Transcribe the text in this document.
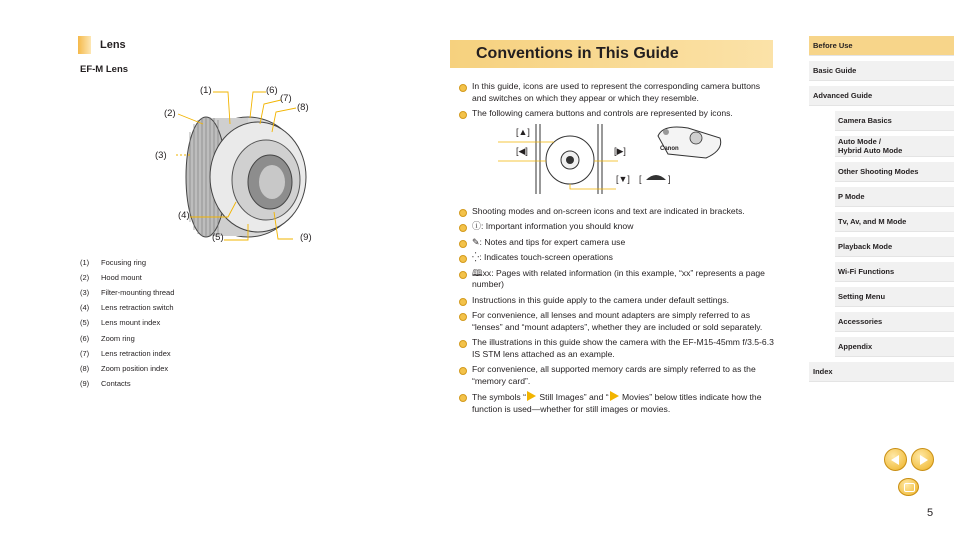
Lens
EF-M Lens
(1)
(2)
(3)
(4)
(5)
(6)
(7)
(8)
(9)
(1)	Focusing ring
(2)	Hood mount
(3)	Filter-mounting thread
(4)	Lens retraction switch
(5)	Lens mount index
(6)	Zoom ring
(7)	Lens retraction index
(8)	Zoom position index
(9)	Contacts
Conventions in This Guide
In this guide, icons are used to represent the corresponding camera buttons and switches on which they appear or which they resemble.
The following camera buttons and controls are represented by icons.
[▲]
[◀]	[▶]
[▼] [	]
Canon
Shooting modes and on-screen icons and text are indicated in brackets.
ⓘ: Important information you should know
✎: Notes and tips for expert camera use
⁛: Indicates touch-screen operations
🕮xx: Pages with related information (in this example, “xx” represents a page number)
Instructions in this guide apply to the camera under default settings.
For convenience, all lenses and mount adapters are simply referred to as “lenses” and “mount adapters”, whether they are included or sold separately.
The illustrations in this guide show the camera with the EF-M15-45mm f/3.5-6.3 IS STM lens attached as an example.
For convenience, all supported memory cards are simply referred to as the “memory card”.
The symbols “ Still Images” and “ Movies” below titles indicate how the function is used—whether for still images or movies.
Before Use
Basic Guide
Advanced Guide
Camera Basics
Auto Mode /
Hybrid Auto Mode
Other Shooting Modes
P Mode
Tv, Av, and M Mode
Playback Mode
Wi-Fi Functions
Setting Menu
Accessories
Appendix
Index
5
